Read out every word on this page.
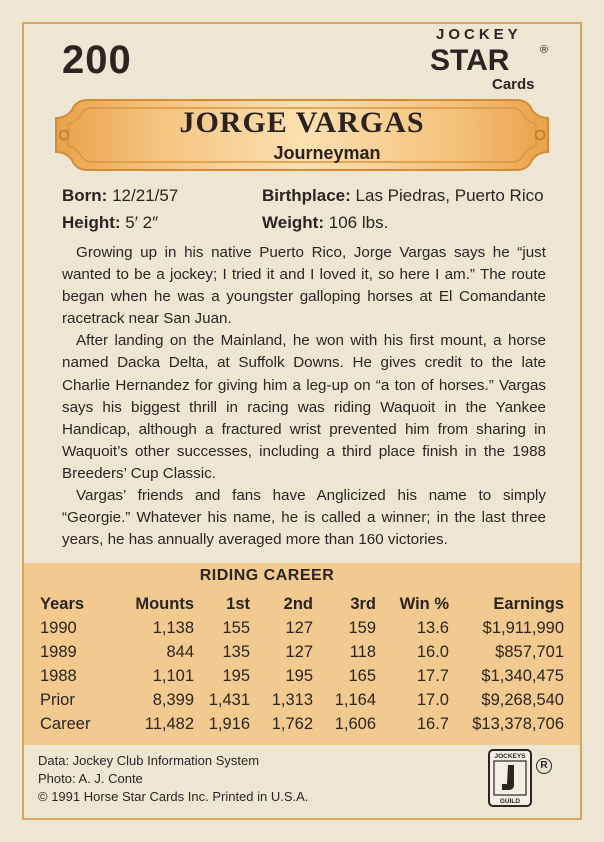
200
JOCKEY
STAR	®
Cards
JORGE VARGAS
Journeyman
Born: 12/21/57	Birthplace: Las Piedras, Puerto Rico
Height: 5′ 2″	Weight: 106 lbs.

Growing up in his native Puerto Rico, Jorge Vargas says he “just wanted to be a jockey; I tried it and I loved it, so here I am.” The route began when he was a youngster galloping horses at El Comandante racetrack near San Juan.

After landing on the Mainland, he won with his first mount, a horse named Dacka Delta, at Suffolk Downs. He gives credit to the late Charlie Hernandez for giving him a leg-up on “a ton of horses.” Vargas says his biggest thrill in racing was riding Waquoit in the Yankee Handicap, although a fractured wrist prevented him from sharing in Waquoit’s other successes, including a third place finish in the 1988 Breeders’ Cup Classic.

Vargas’ friends and fans have Anglicized his name to simply “Georgie.” Whatever his name, he is called a winner; in the last three years, he has annually averaged more than 160 victories.

RIDING CAREER
Years	Mounts	1st	2nd	3rd	Win %	Earnings
1990	1,138	155	127	159	13.6	$1,911,990
1989	844	135	127	118	16.0	$857,701
1988	1,101	195	195	165	17.7	$1,340,475
Prior	8,399	1,431	1,313	1,164	17.0	$9,268,540
Career	11,482	1,916	1,762	1,606	16.7	$13,378,706
Data: Jockey Club Information System
Photo: A. J. Conte
© 1991 Horse Star Cards Inc. Printed in U.S.A.
JOCKEYS
GUILD
R
